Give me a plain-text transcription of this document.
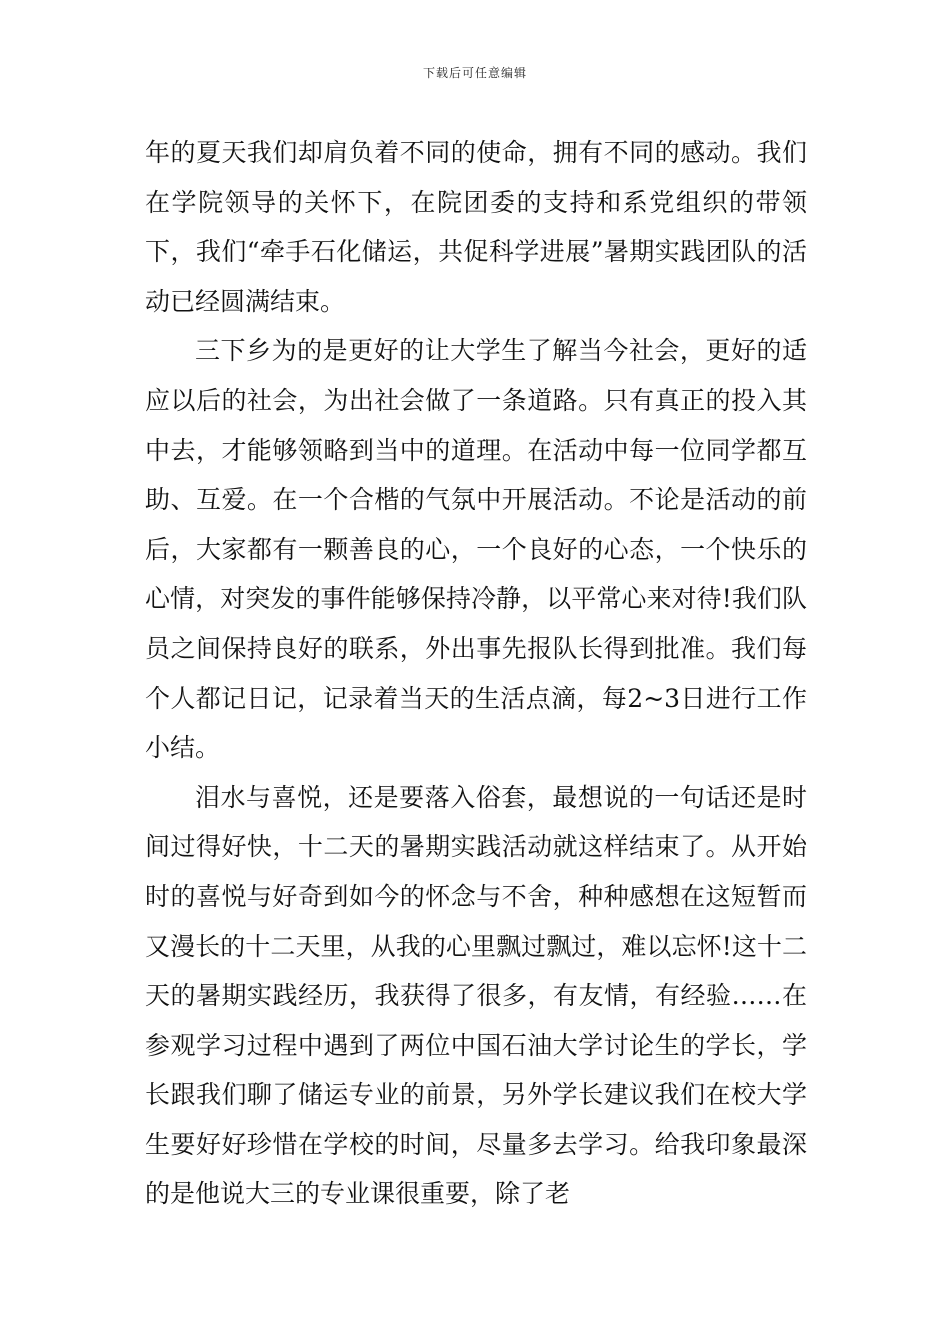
下载后可任意编辑

年的夏天我们却肩负着不同的使命，拥有不同的感动。我们在学院领导的关怀下，在院团委的支持和系党组织的带领下，我们“牵手石化储运，共促科学进展”暑期实践团队的活动已经圆满结束。

三下乡为的是更好的让大学生了解当今社会，更好的适应以后的社会，为出社会做了一条道路。只有真正的投入其中去，才能够领略到当中的道理。在活动中每一位同学都互助、互爱。在一个合楷的气氛中开展活动。不论是活动的前后，大家都有一颗善良的心，一个良好的心态，一个快乐的心情，对突发的事件能够保持冷静，以平常心来对待!我们队员之间保持良好的联系，外出事先报队长得到批准。我们每个人都记日记，记录着当天的生活点滴，每2~3日进行工作小结。

泪水与喜悦，还是要落入俗套，最想说的一句话还是时间过得好快，十二天的暑期实践活动就这样结束了。从开始时的喜悦与好奇到如今的怀念与不舍，种种感想在这短暂而又漫长的十二天里，从我的心里飘过飘过，难以忘怀!这十二天的暑期实践经历，我获得了很多，有友情，有经验……在参观学习过程中遇到了两位中国石油大学讨论生的学长，学长跟我们聊了储运专业的前景，另外学长建议我们在校大学生要好好珍惜在学校的时间，尽量多去学习。给我印象最深的是他说大三的专业课很重要，除了老
